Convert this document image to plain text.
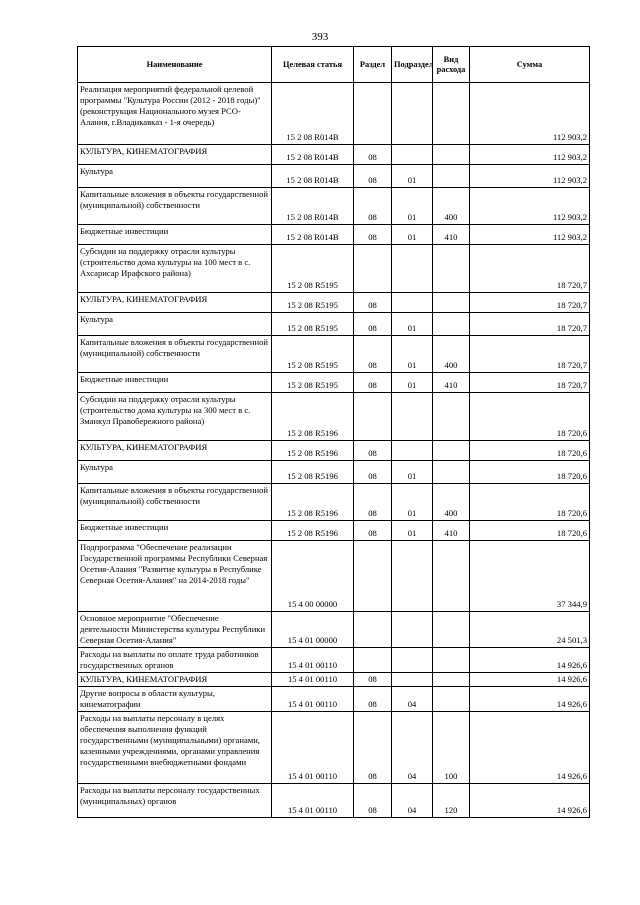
393
Наименование	Целевая статья	Раздел	Подраздел	Вид расхода	Сумма
Реализация мероприятий федеральной целевой программы "Культура России (2012 - 2018 годы)" (реконструкция Национального музея РСО-Алания, г.Владикавказ - 1-я очередь)	15 2 08 R014В				112 903,2
КУЛЬТУРА, КИНЕМАТОГРАФИЯ	15 2 08 R014В	08			112 903,2
Культура	15 2 08 R014В	08	01		112 903,2
Капитальные вложения в объекты государственной (муниципальной) собственности	15 2 08 R014В	08	01	400	112 903,2
Бюджетные инвестиции	15 2 08 R014В	08	01	410	112 903,2
Субсидии на поддержку отрасли культуры (строительство дома культуры на 100 мест в с. Ахсарисар Ирафского района)	15 2 08 R5195				18 720,7
КУЛЬТУРА, КИНЕМАТОГРАФИЯ	15 2 08 R5195	08			18 720,7
Культура	15 2 08 R5195	08	01		18 720,7
Капитальные вложения в объекты государственной (муниципальной) собственности	15 2 08 R5195	08	01	400	18 720,7
Бюджетные инвестиции	15 2 08 R5195	08	01	410	18 720,7
Субсидии на поддержку отрасли культуры (строительство дома культуры на 300 мест в с. Зманкул Правобережного района)	15 2 08 R5196				18 720,6
КУЛЬТУРА, КИНЕМАТОГРАФИЯ	15 2 08 R5196	08			18 720,6
Культура	15 2 08 R5196	08	01		18 720,6
Капитальные вложения в объекты государственной (муниципальной) собственности	15 2 08 R5196	08	01	400	18 720,6
Бюджетные инвестиции	15 2 08 R5196	08	01	410	18 720,6
Подпрограмма "Обеспечение реализации Государственной программы Республики Северная Осетия-Алания "Развитие культуры в Республике Северная Осетия-Алания" на 2014-2018 годы"	15 4 00 00000				37 344,9
Основное мероприятие "Обеспечение деятельности Министерства культуры Республики Северная Осетия-Алания"	15 4 01 00000				24 501,3
Расходы на выплаты по оплате труда работников государственных органов	15 4 01 00110				14 926,6
КУЛЬТУРА, КИНЕМАТОГРАФИЯ	15 4 01 00110	08			14 926,6
Другие вопросы в области культуры, кинематографии	15 4 01 00110	08	04		14 926,6
Расходы на выплаты персоналу в целях обеспечения выполнения функций государственными (муниципальными) органами, казенными учреждениями, органами управления государственными внебюджетными фондами	15 4 01 00110	08	04	100	14 926,6
Расходы на выплаты персоналу государственных (муниципальных) органов	15 4 01 00110	08	04	120	14 926,6
